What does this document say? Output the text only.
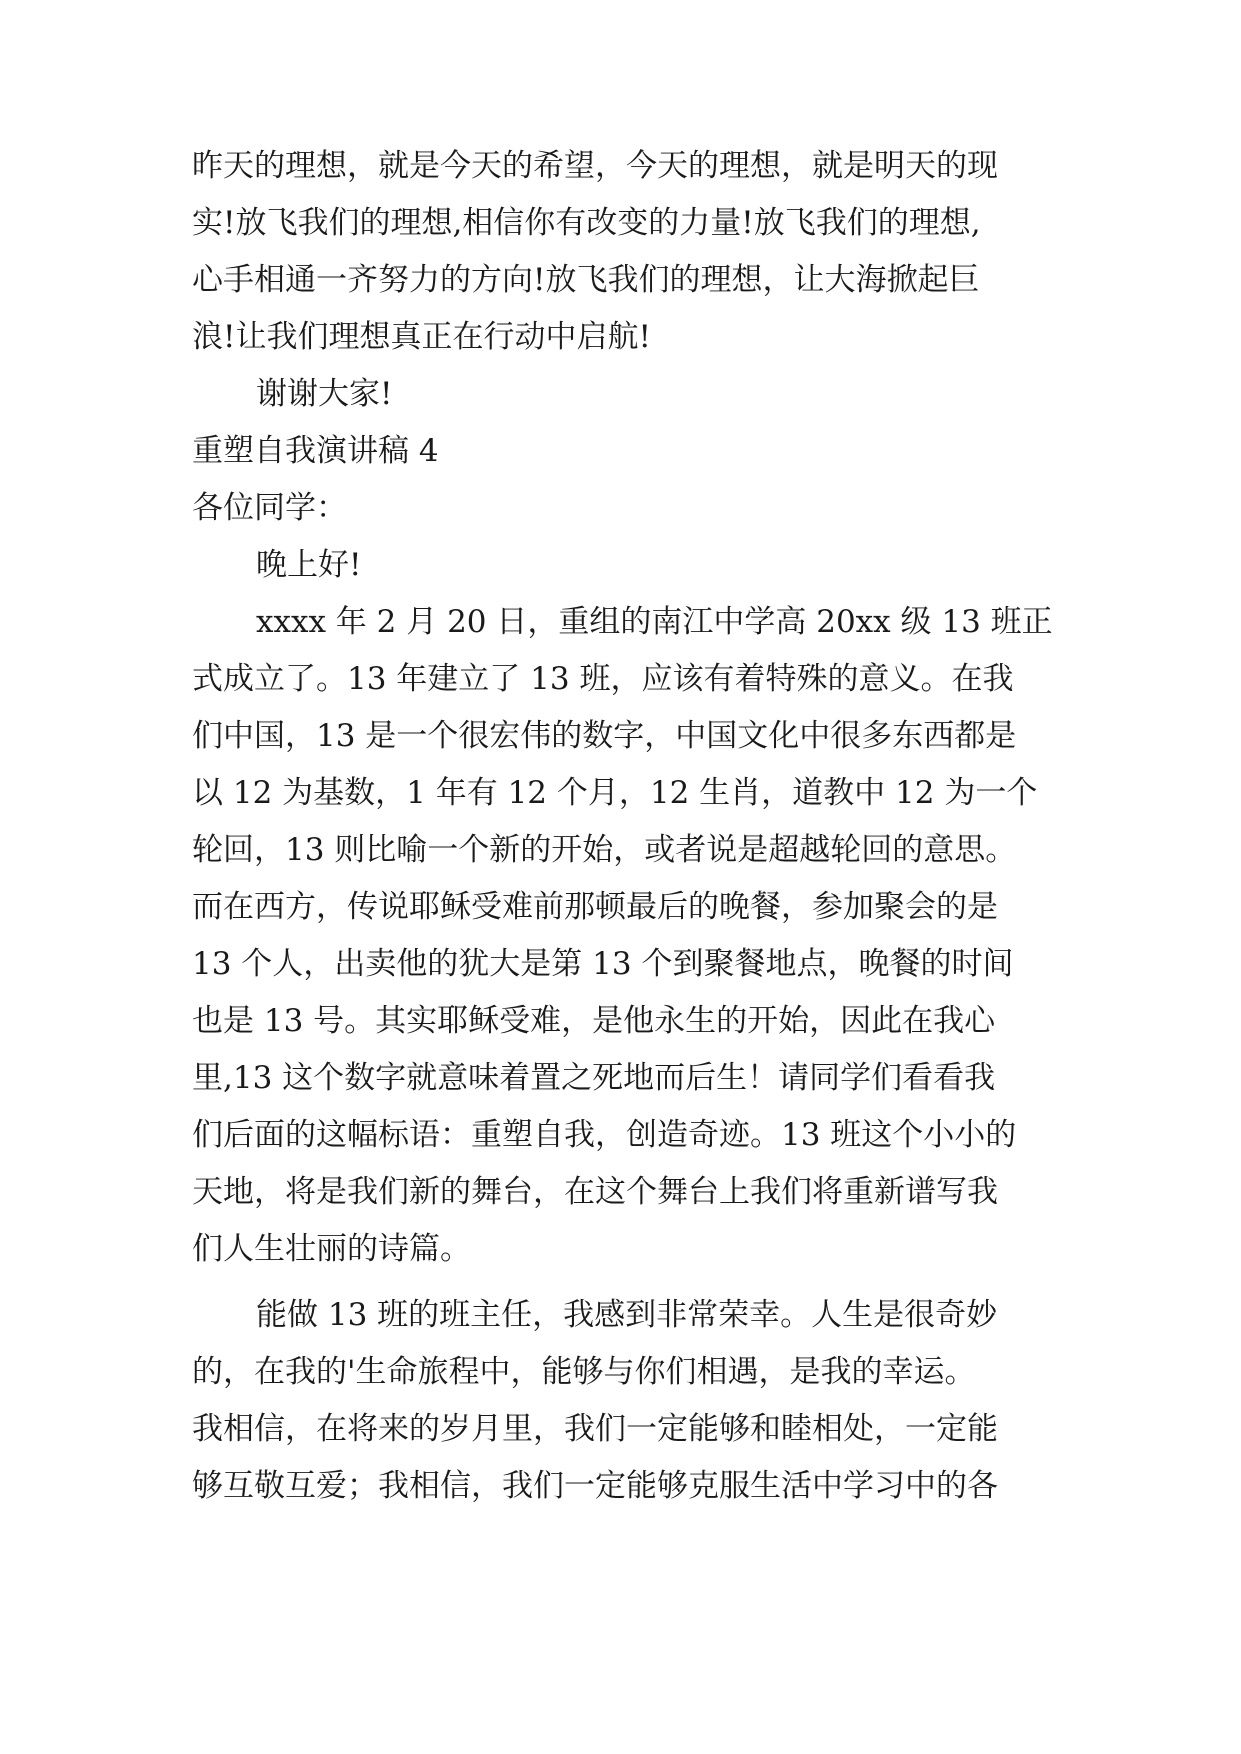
昨天的理想，就是今天的希望，今天的理想，就是明天的现
实!放飞我们的理想,相信你有改变的力量!放飞我们的理想,
心手相通一齐努力的方向!放飞我们的理想，让大海掀起巨
浪!让我们理想真正在行动中启航!
谢谢大家!
重塑自我演讲稿 4
各位同学：
晚上好!
xxxx 年 2 月 20 日，重组的南江中学高 20xx 级 13 班正
式成立了。13 年建立了 13 班，应该有着特殊的意义。在我
们中国，13 是一个很宏伟的数字，中国文化中很多东西都是
以 12 为基数，1 年有 12 个月，12 生肖，道教中 12 为一个
轮回，13 则比喻一个新的开始，或者说是超越轮回的意思。
而在西方，传说耶稣受难前那顿最后的晚餐，参加聚会的是
13 个人，出卖他的犹大是第 13 个到聚餐地点，晚餐的时间
也是 13 号。其实耶稣受难，是他永生的开始，因此在我心
里,13 这个数字就意味着置之死地而后生！请同学们看看我
们后面的这幅标语：重塑自我，创造奇迹。13 班这个小小的
天地，将是我们新的舞台，在这个舞台上我们将重新谱写我
们人生壮丽的诗篇。
能做 13 班的班主任，我感到非常荣幸。人生是很奇妙
的，在我的'生命旅程中，能够与你们相遇，是我的幸运。
我相信，在将来的岁月里，我们一定能够和睦相处，一定能
够互敬互爱；我相信，我们一定能够克服生活中学习中的各
